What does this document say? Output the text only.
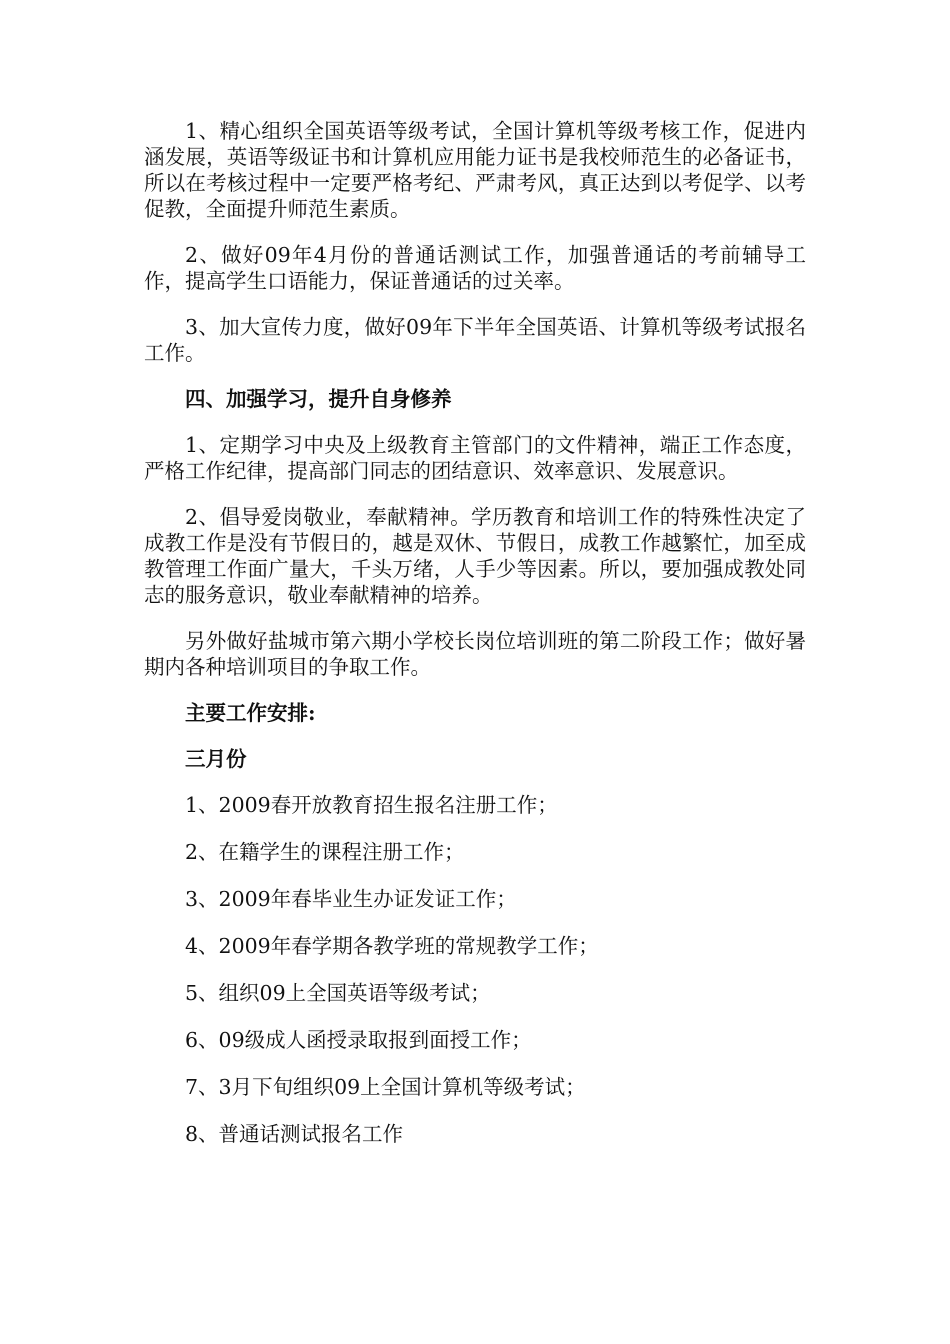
1、精心组织全国英语等级考试，全国计算机等级考核工作，促进内涵发展，英语等级证书和计算机应用能力证书是我校师范生的必备证书，所以在考核过程中一定要严格考纪、严肃考风，真正达到以考促学、以考促教，全面提升师范生素质。

2、做好09年4月份的普通话测试工作，加强普通话的考前辅导工作，提高学生口语能力，保证普通话的过关率。

3、加大宣传力度，做好09年下半年全国英语、计算机等级考试报名工作。

四、加强学习，提升自身修养

1、定期学习中央及上级教育主管部门的文件精神，端正工作态度，严格工作纪律，提高部门同志的团结意识、效率意识、发展意识。

2、倡导爱岗敬业，奉献精神。学历教育和培训工作的特殊性决定了成教工作是没有节假日的，越是双休、节假日，成教工作越繁忙，加至成教管理工作面广量大，千头万绪，人手少等因素。所以，要加强成教处同志的服务意识，敬业奉献精神的培养。

另外做好盐城市第六期小学校长岗位培训班的第二阶段工作；做好暑期内各种培训项目的争取工作。

主要工作安排:

三月份

1、2009春开放教育招生报名注册工作；

2、在籍学生的课程注册工作；

3、2009年春毕业生办证发证工作；

4、2009年春学期各教学班的常规教学工作；

5、组织09上全国英语等级考试；

6、09级成人函授录取报到面授工作；

7、3月下旬组织09上全国计算机等级考试；

8、普通话测试报名工作
